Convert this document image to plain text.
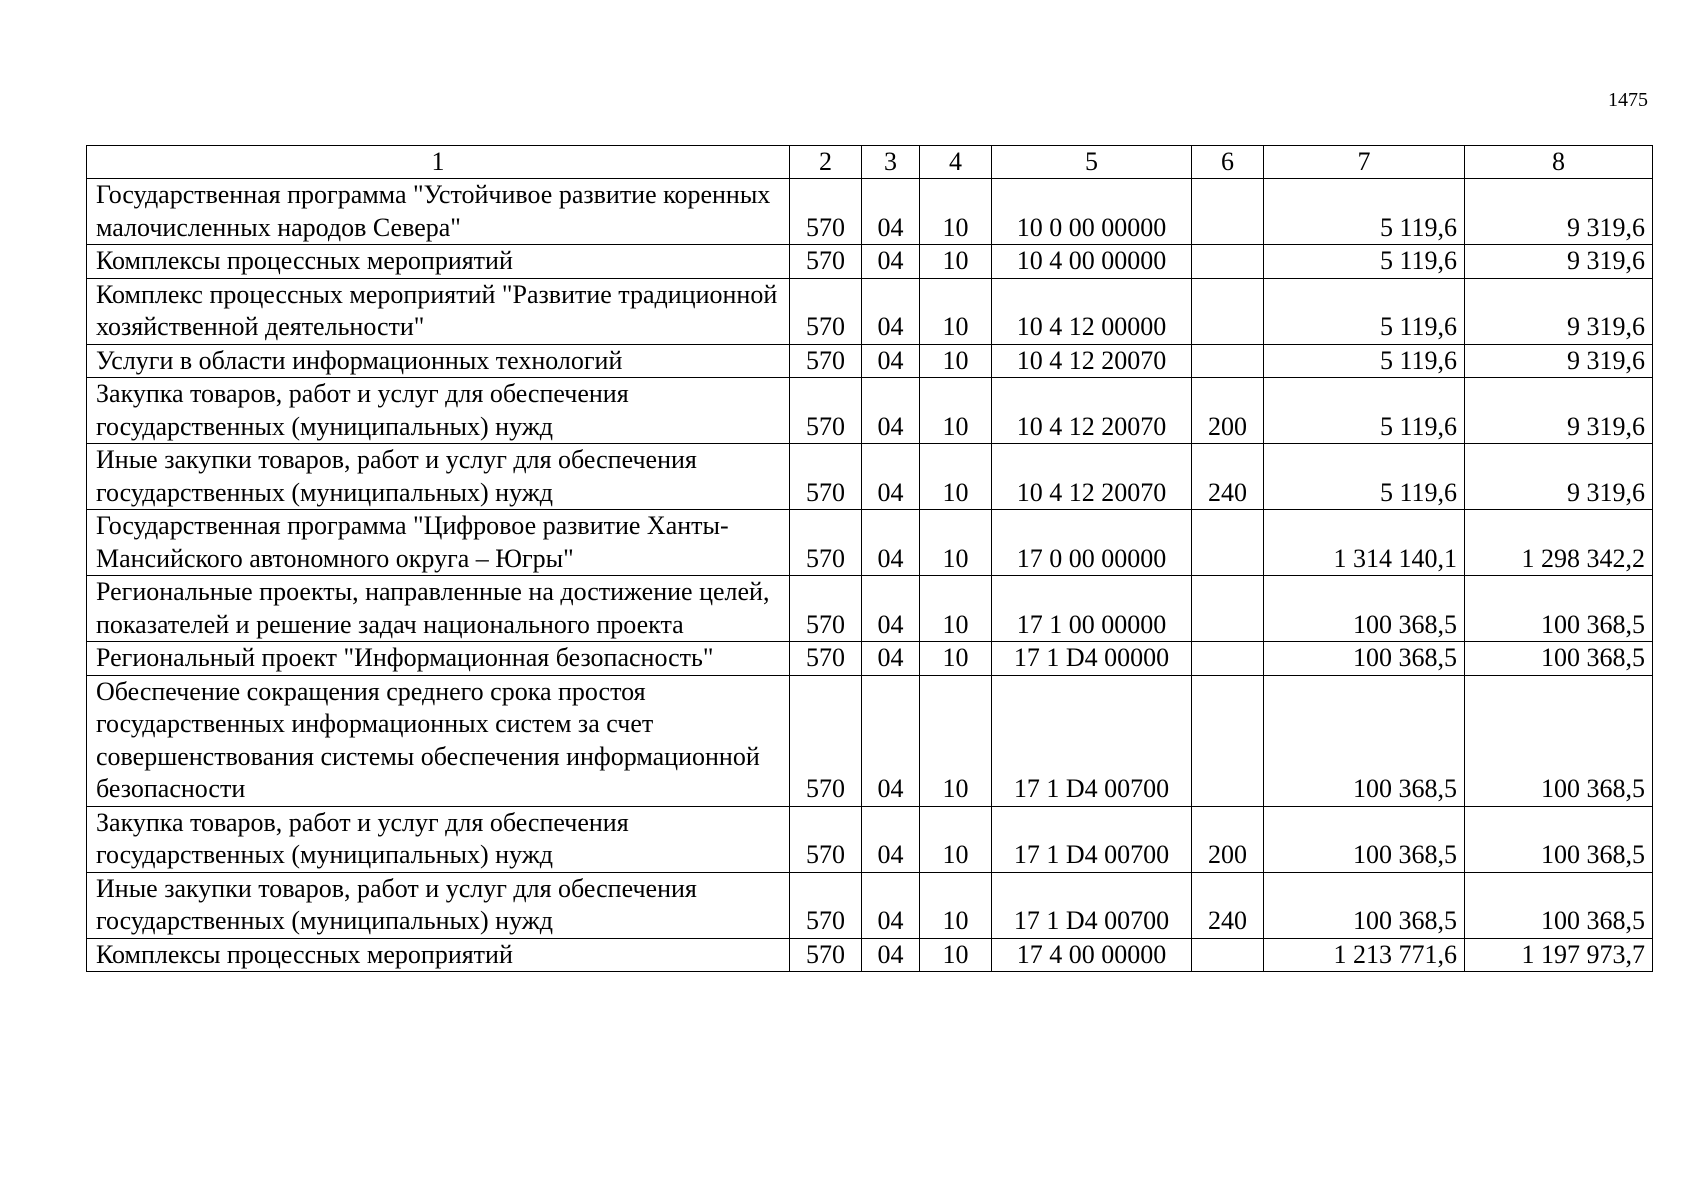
1475
1	2	3	4	5	6	7	8
Государственная программа "Устойчивое развитие коренных малочисленных народов Севера"	570	04	10	10 0 00 00000		5 119,6	9 319,6
Комплексы процессных мероприятий	570	04	10	10 4 00 00000		5 119,6	9 319,6
Комплекс процессных мероприятий "Развитие традиционной хозяйственной деятельности"	570	04	10	10 4 12 00000		5 119,6	9 319,6
Услуги в области информационных технологий	570	04	10	10 4 12 20070		5 119,6	9 319,6
Закупка товаров, работ и услуг для обеспечения государственных (муниципальных) нужд	570	04	10	10 4 12 20070	200	5 119,6	9 319,6
Иные закупки товаров, работ и услуг для обеспечения государственных (муниципальных) нужд	570	04	10	10 4 12 20070	240	5 119,6	9 319,6
Государственная программа "Цифровое развитие Ханты-Мансийского автономного округа – Югры"	570	04	10	17 0 00 00000		1 314 140,1	1 298 342,2
Региональные проекты, направленные на достижение целей, показателей и решение задач национального проекта	570	04	10	17 1 00 00000		100 368,5	100 368,5
Региональный проект "Информационная безопасность"	570	04	10	17 1 D4 00000		100 368,5	100 368,5
Обеспечение сокращения среднего срока простоя государственных информационных систем за счет совершенствования системы обеспечения информационной безопасности	570	04	10	17 1 D4 00700		100 368,5	100 368,5
Закупка товаров, работ и услуг для обеспечения государственных (муниципальных) нужд	570	04	10	17 1 D4 00700	200	100 368,5	100 368,5
Иные закупки товаров, работ и услуг для обеспечения государственных (муниципальных) нужд	570	04	10	17 1 D4 00700	240	100 368,5	100 368,5
Комплексы процессных мероприятий	570	04	10	17 4 00 00000		1 213 771,6	1 197 973,7
